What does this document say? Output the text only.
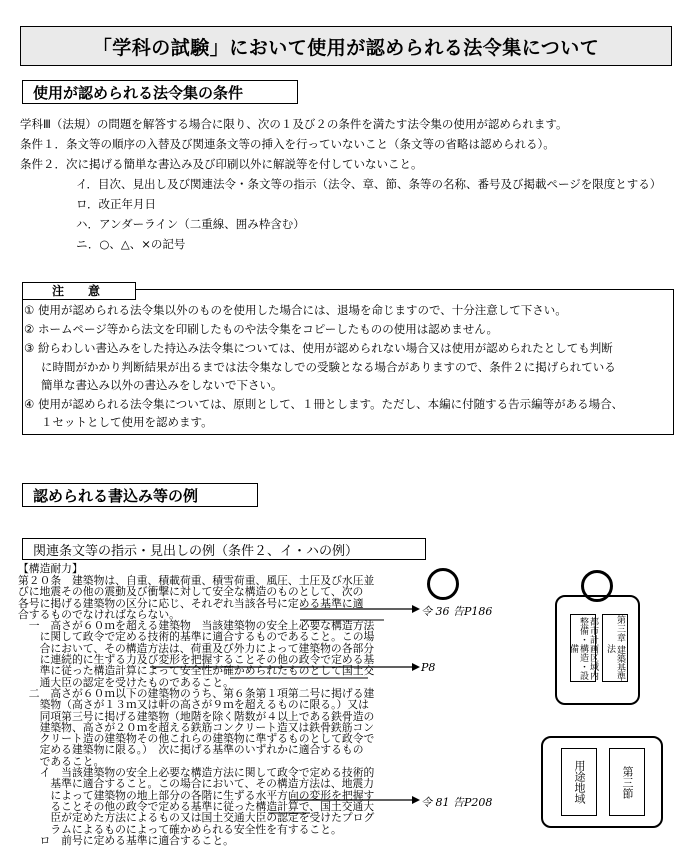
「学科の試験」において使用が認められる法令集について
使用が認められる法令集の条件
学科Ⅲ（法規）の問題を解答する場合に限り、次の１及び２の条件を満たす法令集の使用が認められます。
条件１．条文等の順序の入替及び関連条文等の挿入を行っていないこと（条文等の省略は認められる）。
条件２．次に掲げる簡単な書込み及び印刷以外に解説等を付していないこと。
イ．目次、見出し及び関連法令・条文等の指示（法令、章、節、条等の名称、番号及び掲載ページを限度とする）
ロ．改正年月日
ハ．アンダーライン（二重線、囲み枠含む）
ニ．○、△、×の記号
注　意
① 使用が認められる法令集以外のものを使用した場合には、退場を命じますので、十分注意して下さい。
② ホームページ等から法文を印刷したものや法令集をコピーしたものの使用は認めません。
③ 紛らわしい書込みをした持込み法令集については、使用が認められない場合又は使用が認められたとしても判断
に時間がかかり判断結果が出るまでは法令集なしでの受験となる場合がありますので、条件２に掲げられている
簡単な書込み以外の書込みをしないで下さい。
④ 使用が認められる法令集については、原則として、１冊とします。ただし、本編に付随する告示編等がある場合、
１セットとして使用を認めます。
認められる書込み等の例
関連条文等の指示・見出しの例（条件２、イ・ハの例）
【構造耐力】
第２０条　建築物は、自重、積載荷重、積雪荷重、風圧、土圧及び水圧並
びに地震その他の震動及び衝撃に対して安全な構造のものとして、次の
各号に掲げる建築物の区分に応じ、それぞれ当該各号に定める基準に適
合するものでなければならない。
　一　高さが６０ｍを超える建築物　当該建築物の安全上必要な構造方法
　　に関して政令で定める技術的基準に適合するものであること。この場
　　合において、その構造方法は、荷重及び外力によって建築物の各部分
　　に連続的に生ずる力及び変形を把握することその他の政令で定める基
　　準に従った構造計算によって安全性が確かめられたものとして国土交
　　通大臣の認定を受けたものであること。
　二　高さが６０ｍ以下の建築物のうち、第６条第１項第二号に掲げる建
　　築物（高さが１３ｍ又は軒の高さが９ｍを超えるものに限る。）又は
　　同項第三号に掲げる建築物（地階を除く階数が４以上である鉄骨造の
　　建築物、高さが２０ｍを超える鉄筋コンクリート造又は鉄骨鉄筋コン
　　クリート造の建築物その他これらの建築物に準ずるものとして政令で
　　定める建築物に限る。）　次に掲げる基準のいずれかに適合するもの
　　であること。
　　イ　当該建築物の安全上必要な構造方法に関して政令で定める技術的
　　　基準に適合すること。この場合において、その構造方法は、地震力
　　　によって建築物の地上部分の各階に生ずる水平方向の変形を把握す
　　　ることその他の政令で定める基準に従った構造計算で、国土交通大
　　　臣が定めた方法によるもの又は国土交通大臣の認定を受けたプログ
　　　ラムによるものによって確かめられる安全性を有すること。
　　ロ　前号に定める基準に適合すること。
令 36 告P186
P8
令 81 告P208
都市計画区域内 整備・構造・設備	第三章 建築基準法
用途地域	第三節
